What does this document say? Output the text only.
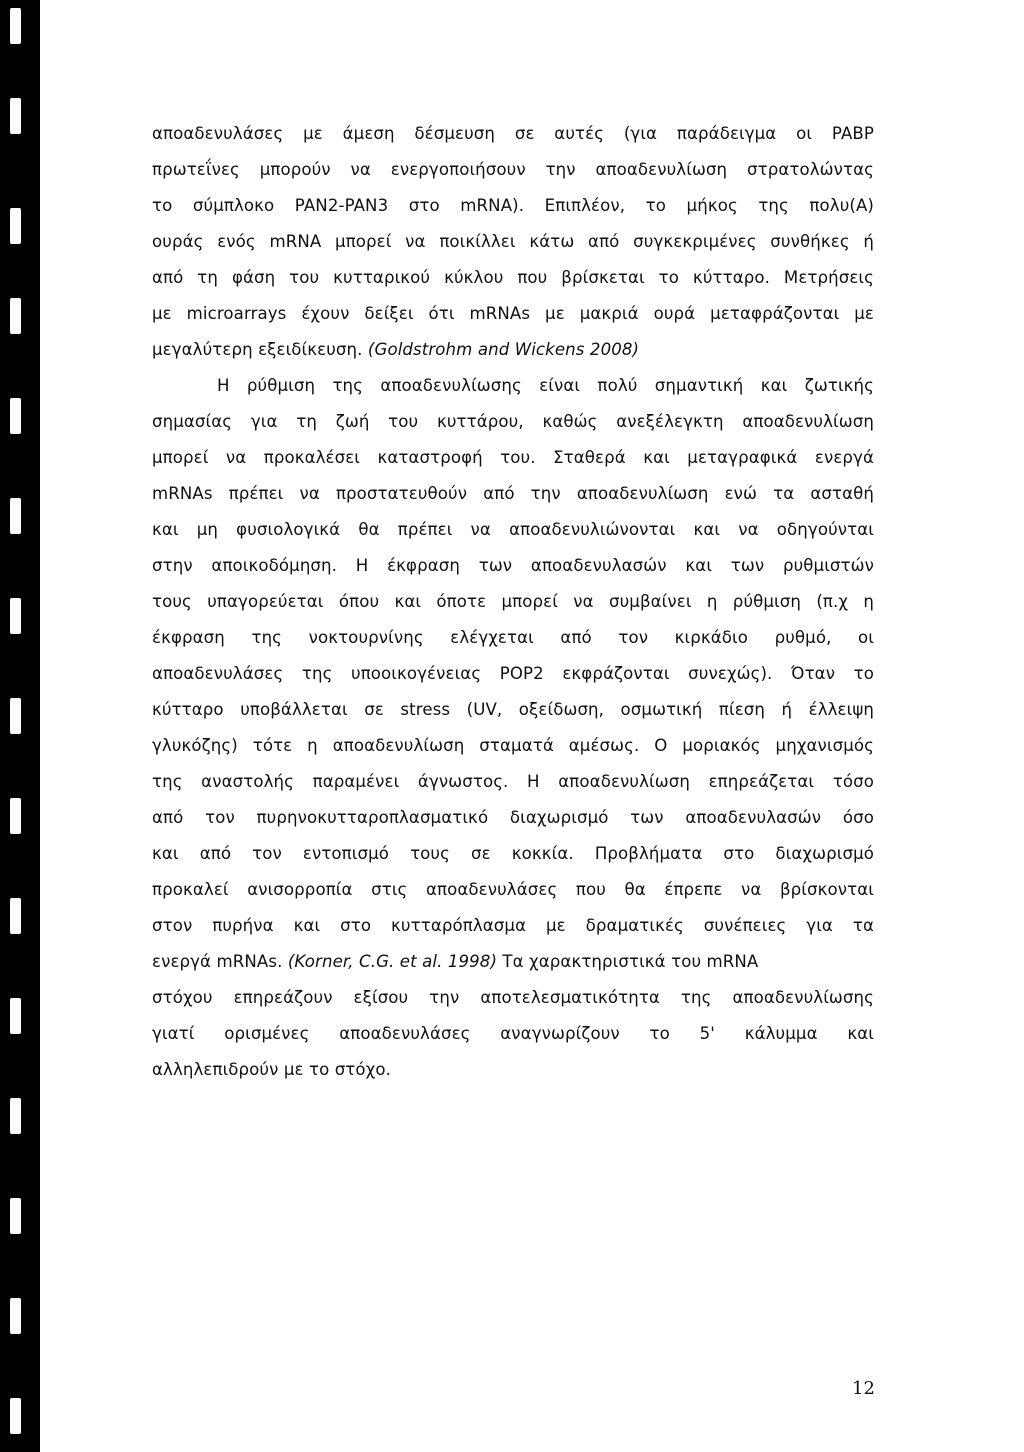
αποαδενυλάσες με άμεση δέσμευση σε αυτές (για παράδειγμα οι PABP
πρωτεΐνες μπορούν να ενεργοποιήσουν την αποαδενυλίωση στρατολώντας
το σύμπλοκο PAN2-PAN3 στο mRNA). Επιπλέον, το μήκος της πολυ(Α)
ουράς ενός mRNA μπορεί να ποικίλλει κάτω από συγκεκριμένες συνθήκες ή
από τη φάση του κυτταρικού κύκλου που βρίσκεται το κύτταρο. Μετρήσεις
με microarrays έχουν δείξει ότι mRNAs με μακριά ουρά μεταφράζονται με
μεγαλύτερη εξειδίκευση. (Goldstrohm and Wickens 2008)
Η ρύθμιση της αποαδενυλίωσης είναι πολύ σημαντική και ζωτικής
σημασίας για τη ζωή του κυττάρου, καθώς ανεξέλεγκτη αποαδενυλίωση
μπορεί να προκαλέσει καταστροφή του. Σταθερά και μεταγραφικά ενεργά
mRNAs πρέπει να προστατευθούν από την αποαδενυλίωση ενώ τα ασταθή
και μη φυσιολογικά θα πρέπει να αποαδενυλιώνονται και να οδηγούνται
στην αποικοδόμηση. Η έκφραση των αποαδενυλασών και των ρυθμιστών
τους υπαγορεύεται όπου και όποτε μπορεί να συμβαίνει η ρύθμιση (π.χ η
έκφραση της νοκτουρνίνης ελέγχεται από τον κιρκάδιο ρυθμό, οι
αποαδενυλάσες της υποοικογένειας POP2 εκφράζονται συνεχώς). Όταν το
κύτταρο υποβάλλεται σε stress (UV, οξείδωση, οσμωτική πίεση ή έλλειψη
γλυκόζης) τότε η αποαδενυλίωση σταματά αμέσως. Ο μοριακός μηχανισμός
της αναστολής παραμένει άγνωστος. Η αποαδενυλίωση επηρεάζεται τόσο
από τον πυρηνοκυτταροπλασματικό διαχωρισμό των αποαδενυλασών όσο
και από τον εντοπισμό τους σε κοκκία. Προβλήματα στο διαχωρισμό
προκαλεί ανισορροπία στις αποαδενυλάσες που θα έπρεπε να βρίσκονται
στον πυρήνα και στο κυτταρόπλασμα με δραματικές συνέπειες για τα
ενεργά mRNAs. (Korner, C.G. et al. 1998) Τα χαρακτηριστικά του mRNA
στόχου επηρεάζουν εξίσου την αποτελεσματικότητα της αποαδενυλίωσης
γιατί ορισμένες αποαδενυλάσες αναγνωρίζουν το 5' κάλυμμα και
αλληλεπιδρούν με το στόχο.
12
